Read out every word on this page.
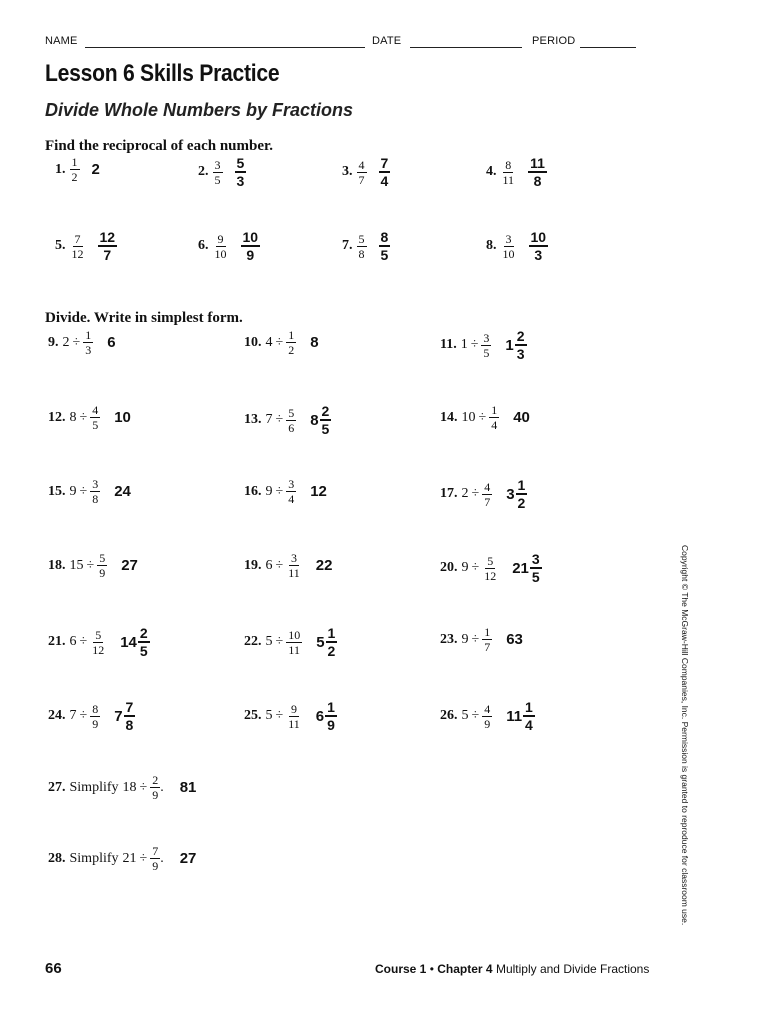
NAME	DATE	PERIOD
Lesson 6 Skills Practice
Divide Whole Numbers by Fractions
Find the reciprocal of each number.
Divide. Write in simplest form.
1. $\frac{1}{2} 2$	2. $\frac{3}{5} \frac{5}{3}$	3. $\frac{4}{7} \frac{7}{4}$	4. $\frac{8}{11} \frac{11}{8}$
5. $\frac{7}{12} \frac{12}{7}$	6. $\frac{9}{10} \frac{10}{9}$	7. $\frac{5}{8} \frac{8}{5}$	8. $\frac{3}{10} \frac{10}{3}$
9. $2 \div \frac{1}{3} 6$	10. $4 \div \frac{1}{2} 8$	11. $1 \div \frac{3}{5} 1 \frac{2}{3}$
12. $8 \div \frac{4}{5} 10$	13. $7 \div \frac{5}{6} 8 \frac{2}{5}$	14. $10 \div \frac{1}{4} 40$
15. $9 \div \frac{3}{8} 24$	16. $9 \div \frac{3}{4} 12$	17. $2 \div \frac{4}{7} 3 \frac{1}{2}$
18. $15 \div \frac{5}{9} 27$	19. $6 \div \frac{3}{11} 22$	20. $9 \div \frac{5}{12} 21 \frac{3}{5}$
21. $6 \div \frac{5}{12} 14 \frac{2}{5}$	22. $5 \div \frac{10}{11} 5 \frac{1}{2}$	23. $9 \div \frac{1}{7} 63$
24. $7 \div \frac{8}{9} 7 \frac{7}{8}$	25. $5 \div \frac{9}{11} 6 \frac{1}{9}$	26. $5 \div \frac{4}{9} 11 \frac{1}{4}$
27. Simplify $18 \div \frac{2}{9}$ . 81
28. Simplify $21 \div \frac{7}{9}$ . 27
66	Course 1 • Chapter 4 Multiply and Divide Fractions
Copyright © The McGraw-Hill Companies, Inc. Permission is granted to reproduce for classroom use.
